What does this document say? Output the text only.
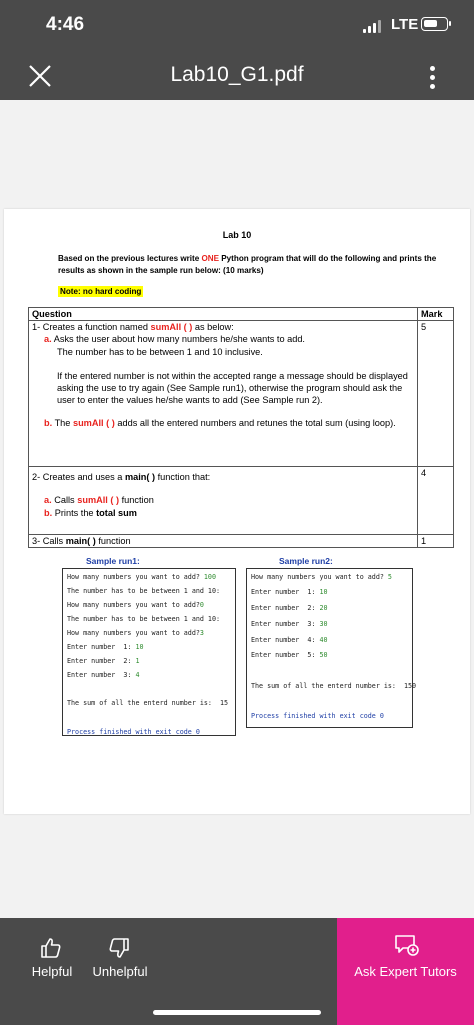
4:46	LTE
Lab10_G1.pdf
Lab 10
Based on the previous lectures write ONE Python program that will do the following and prints the results as shown in the sample run below: (10 marks)
Note: no hard coding
Question	Mark

1- Creates a function named sumAll ( ) as below:
a. Asks the user about how many numbers he/she wants to add.
The number has to be between 1 and 10 inclusive.
If the entered number is not within the accepted range a message should be displayed asking the use to try again (See Sample run1), otherwise the program should ask the user to enter the values he/she wants to add (See Sample run 2).
b. The sumAll ( ) adds all the entered numbers and retunes the total sum (using loop).	5

2- Creates and uses a main( ) function that:
a. Calls sumAll ( ) function
b. Prints the total sum	4
3- Calls main( ) function	1
Sample run1:
How many numbers you want to add? 100
The number has to be between 1 and 10:
How many numbers you want to add?0
The number has to be between 1 and 10:
How many numbers you want to add?3
Enter number  1: 10
Enter number  2: 1
Enter number  3: 4
The sum of all the enterd number is:  15
Process finished with exit code 0
Sample run2:
How many numbers you want to add? 5
Enter number  1: 10
Enter number  2: 20
Enter number  3: 30
Enter number  4: 40
Enter number  5: 50
The sum of all the enterd number is:  150
Process finished with exit code 0
Helpful	Unhelpful	Ask Expert Tutors
